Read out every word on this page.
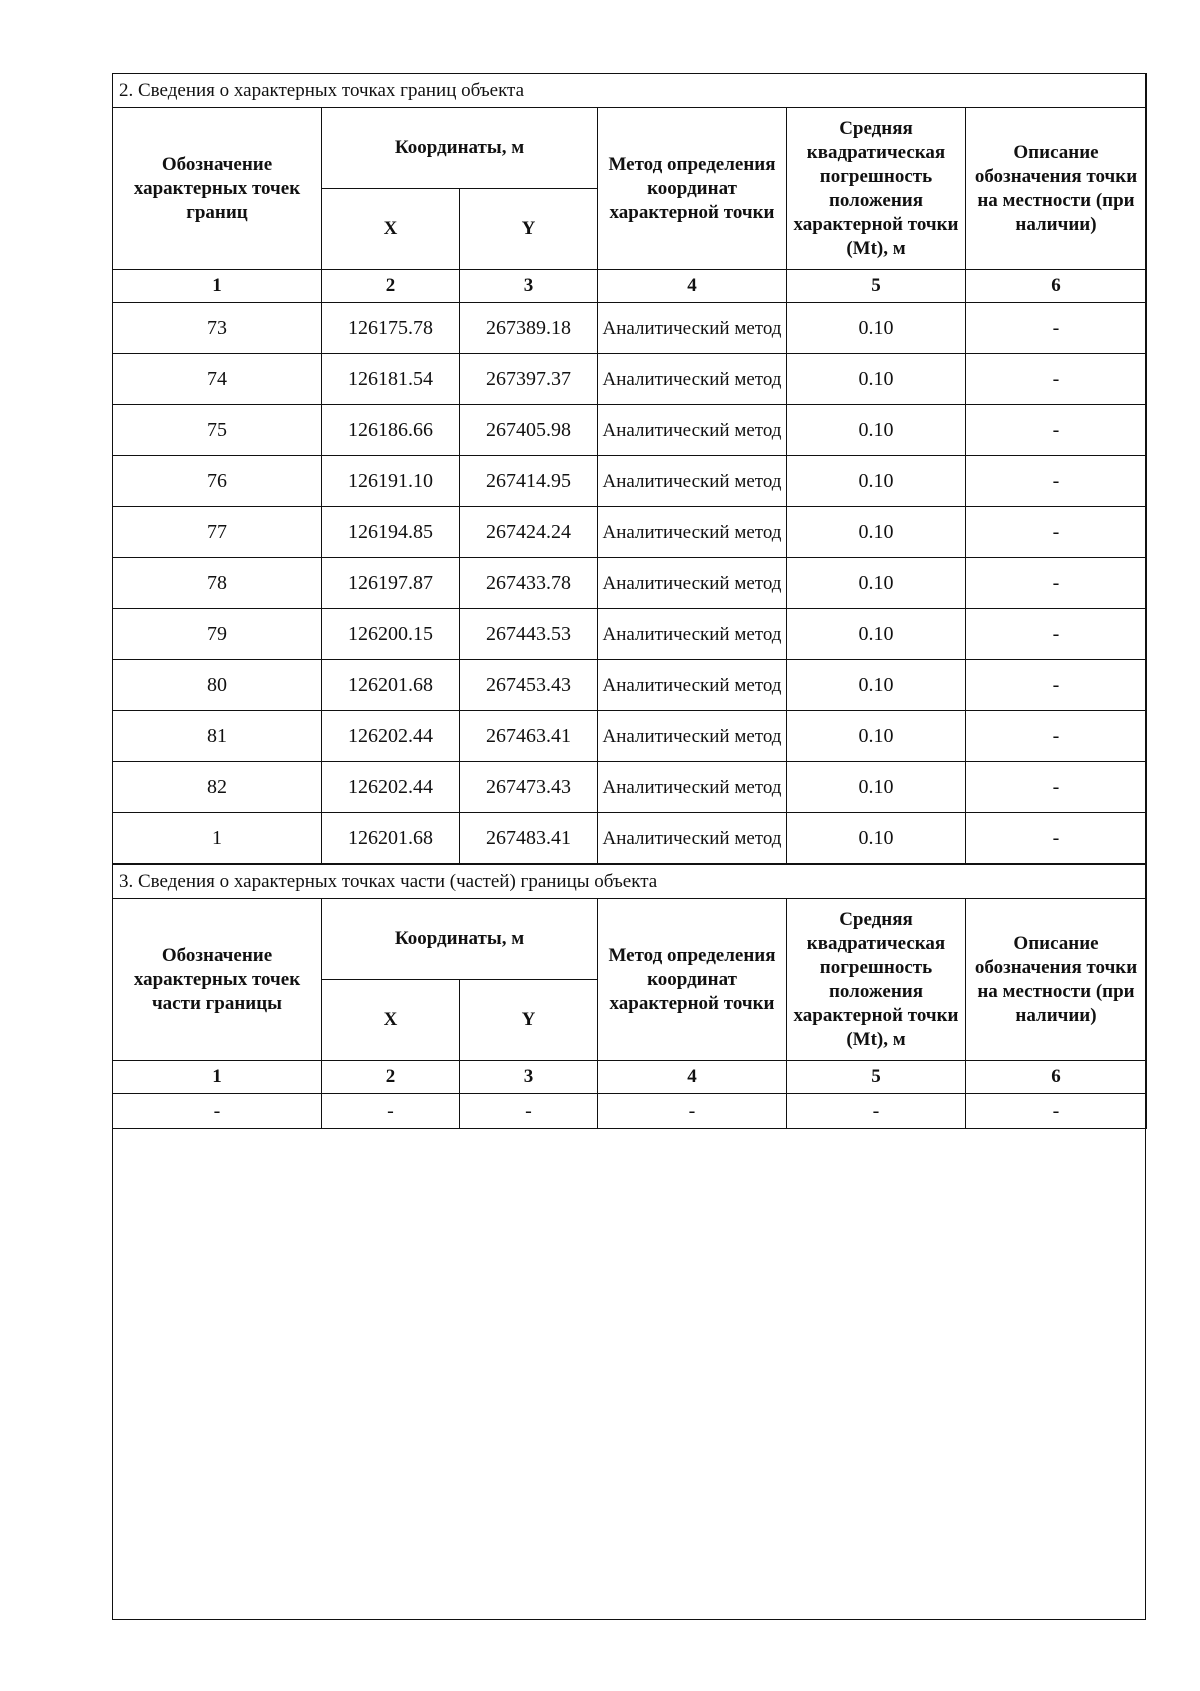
2. Сведения о характерных точках границ объекта					
Обозначение характерных точек границ	Координаты, м		Метод определения координат характерной точки	Средняя квадратическая погрешность положения характерной точки (Mt), м	Описание обозначения точки на местности (при наличии)
	X	Y			
1	2	3	4	5	6
73	126175.78	267389.18	Аналитический метод	0.10	-
74	126181.54	267397.37	Аналитический метод	0.10	-
75	126186.66	267405.98	Аналитический метод	0.10	-
76	126191.10	267414.95	Аналитический метод	0.10	-
77	126194.85	267424.24	Аналитический метод	0.10	-
78	126197.87	267433.78	Аналитический метод	0.10	-
79	126200.15	267443.53	Аналитический метод	0.10	-
80	126201.68	267453.43	Аналитический метод	0.10	-
81	126202.44	267463.41	Аналитический метод	0.10	-
82	126202.44	267473.43	Аналитический метод	0.10	-
1	126201.68	267483.41	Аналитический метод	0.10	-
3. Сведения о характерных точках части (частей) границы объекта					
Обозначение характерных точек части границы	Координаты, м		Метод определения координат характерной точки	Средняя квадратическая погрешность положения характерной точки (Mt), м	Описание обозначения точки на местности (при наличии)
	X	Y			
1	2	3	4	5	6
-	-	-	-	-	-
